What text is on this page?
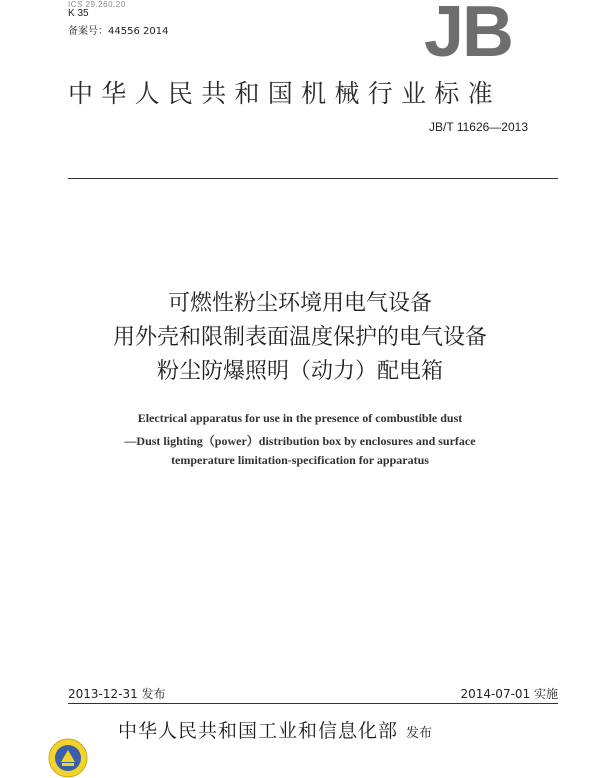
ICS 29.260.20
K 35
备案号：44556 2014	JB
中华人民共和国机械行业标准
JB/T 11626—2013
可燃性粉尘环境用电气设备
用外壳和限制表面温度保护的电气设备
粉尘防爆照明（动力）配电箱
Electrical apparatus for use in the presence of combustible dust
—Dust lighting（power）distribution box by enclosures and surface
temperature limitation-specification for apparatus
2013-12-31 发布	2014-07-01 实施
中华人民共和国工业和信息化部 发布
